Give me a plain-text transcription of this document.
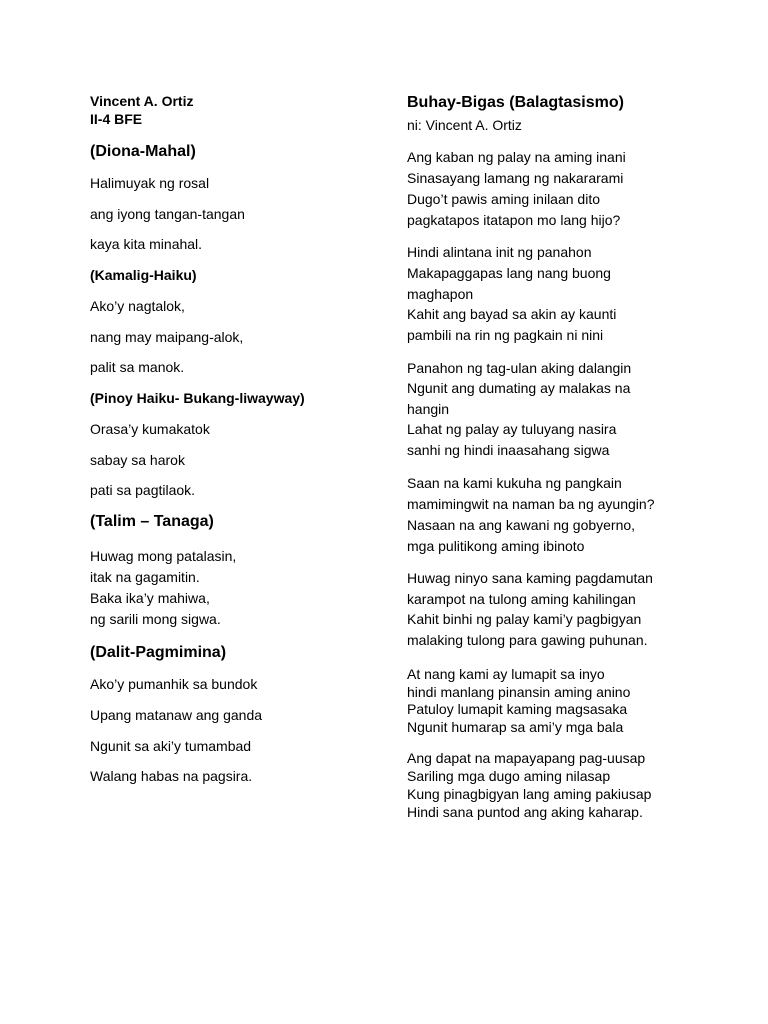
Vincent A. Ortiz
II-4 BFE
(Diona-Mahal)
Halimuyak ng rosal
ang iyong tangan-tangan
kaya kita minahal.
(Kamalig-Haiku)
Ako’y nagtalok,
nang may maipang-alok,
palit sa manok.
(Pinoy Haiku- Bukang-liwayway)
Orasa’y kumakatok
sabay sa harok
pati sa pagtilaok.
(Talim – Tanaga)
Huwag mong patalasin,
itak na gagamitin.
Baka ika’y mahiwa,
ng sarili mong sigwa.
(Dalit-Pagmimina)
Ako’y pumanhik sa bundok
Upang matanaw ang ganda
Ngunit sa aki’y tumambad
Walang habas na pagsira.
Buhay-Bigas (Balagtasismo)
ni: Vincent A. Ortiz
Ang kaban ng palay na aming inani
Sinasayang lamang ng nakararami
Dugo’t pawis aming inilaan dito
pagkatapos itatapon mo lang hijo?
Hindi alintana init ng panahon
Makapaggapas lang nang buong
maghapon
Kahit ang bayad sa akin ay kaunti
pambili na rin ng pagkain ni nini
Panahon ng tag-ulan aking dalangin
Ngunit ang dumating ay malakas na
hangin
Lahat ng palay ay tuluyang nasira
sanhi ng hindi inaasahang sigwa
Saan na kami kukuha ng pangkain
mamimingwit na naman ba ng ayungin?
Nasaan na ang kawani ng gobyerno,
mga pulitikong aming ibinoto
Huwag ninyo sana kaming pagdamutan
karampot na tulong aming kahilingan
Kahit binhi ng palay kami’y pagbigyan
malaking tulong para gawing puhunan.
At nang kami ay lumapit sa inyo
hindi manlang pinansin aming anino
Patuloy lumapit kaming magsasaka
Ngunit humarap sa ami’y mga bala
Ang dapat na mapayapang pag-uusap
Sariling mga dugo aming nilasap
Kung pinagbigyan lang aming pakiusap
Hindi sana puntod ang aking kaharap.
